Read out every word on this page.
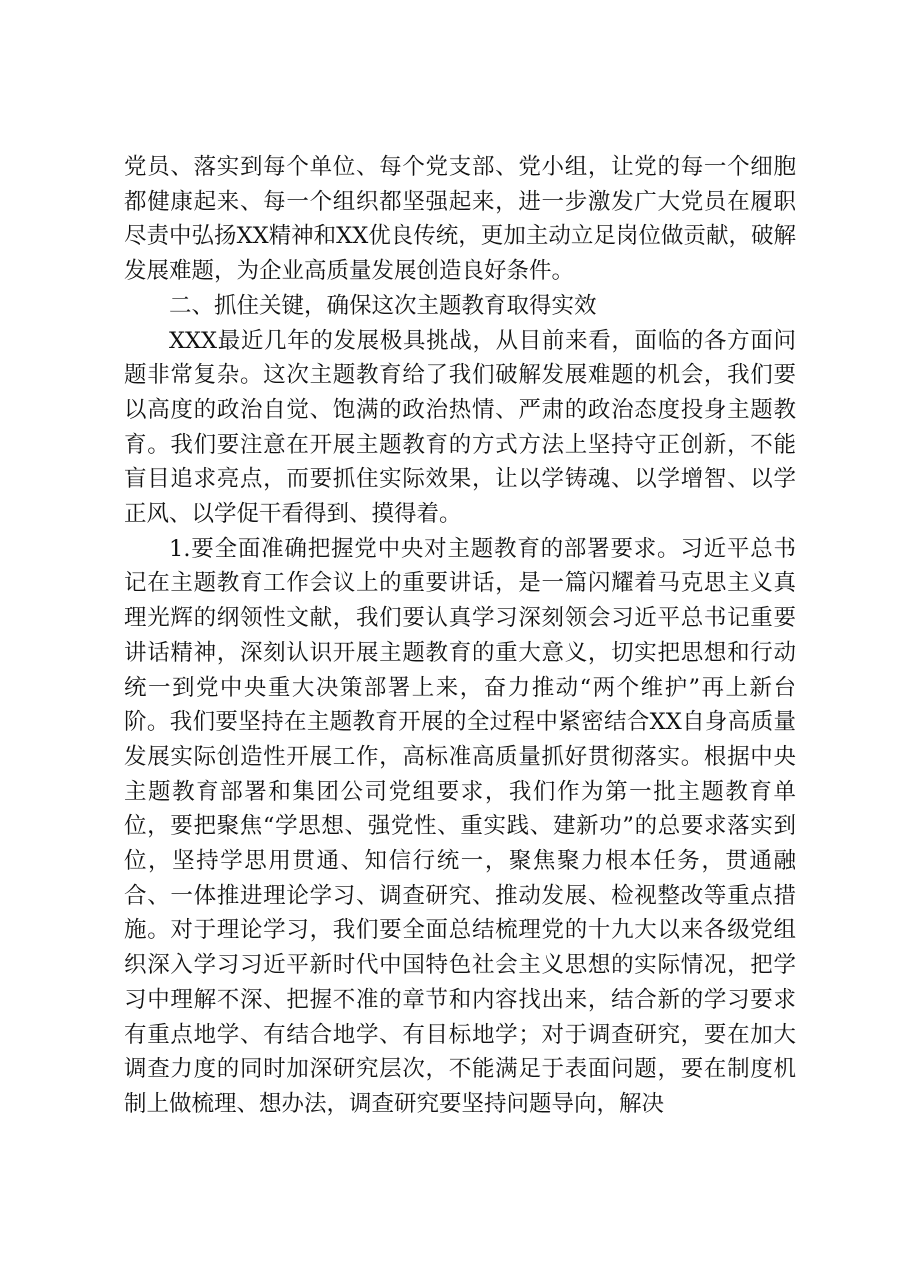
党员、落实到每个单位、每个党支部、党小组，让党的每一个细胞都健康起来、每一个组织都坚强起来，进一步激发广大党员在履职尽责中弘扬XX精神和XX优良传统，更加主动立足岗位做贡献，破解发展难题，为企业高质量发展创造良好条件。

二、抓住关键，确保这次主题教育取得实效

XXX最近几年的发展极具挑战，从目前来看，面临的各方面问题非常复杂。这次主题教育给了我们破解发展难题的机会，我们要以高度的政治自觉、饱满的政治热情、严肃的政治态度投身主题教育。我们要注意在开展主题教育的方式方法上坚持守正创新，不能盲目追求亮点，而要抓住实际效果，让以学铸魂、以学增智、以学正风、以学促干看得到、摸得着。

1.要全面准确把握党中央对主题教育的部署要求。习近平总书记在主题教育工作会议上的重要讲话，是一篇闪耀着马克思主义真理光辉的纲领性文献，我们要认真学习深刻领会习近平总书记重要讲话精神，深刻认识开展主题教育的重大意义，切实把思想和行动统一到党中央重大决策部署上来，奋力推动“两个维护”再上新台阶。我们要坚持在主题教育开展的全过程中紧密结合XX自身高质量发展实际创造性开展工作，高标准高质量抓好贯彻落实。根据中央主题教育部署和集团公司党组要求，我们作为第一批主题教育单位，要把聚焦“学思想、强党性、重实践、建新功”的总要求落实到位，坚持学思用贯通、知信行统一，聚焦聚力根本任务，贯通融合、一体推进理论学习、调查研究、推动发展、检视整改等重点措施。对于理论学习，我们要全面总结梳理党的十九大以来各级党组织深入学习习近平新时代中国特色社会主义思想的实际情况，把学习中理解不深、把握不准的章节和内容找出来，结合新的学习要求有重点地学、有结合地学、有目标地学；对于调查研究，要在加大调查力度的同时加深研究层次，不能满足于表面问题，要在制度机制上做梳理、想办法，调查研究要坚持问题导向，解决
